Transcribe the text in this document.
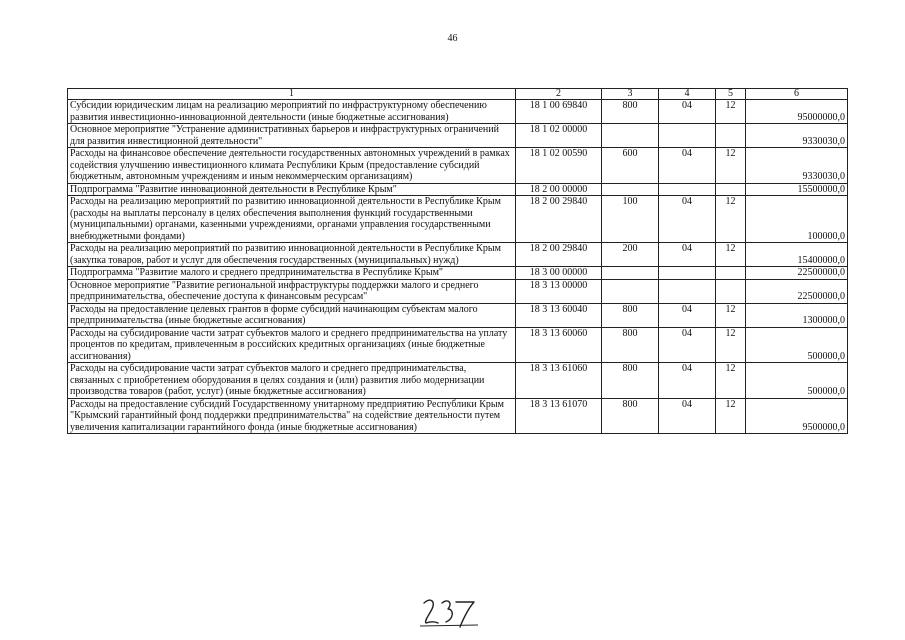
46
1	2	3	4	5	6
Субсидии юридическим лицам на реализацию мероприятий по инфраструктурному обеспечению развития инвестиционно-инновационной деятельности (иные бюджетные ассигнования)	18 1 00 69840	800	04	12	95000000,0
Основное мероприятие "Устранение административных барьеров и инфраструктурных ограничений для развития инвестиционной деятельности"	18 1 02 00000				9330030,0
Расходы на финансовое обеспечение деятельности государственных автономных учреждений в рамках содействия улучшению инвестиционного климата Республики Крым (предоставление субсидий бюджетным, автономным учреждениям и иным некоммерческим организациям)	18 1 02 00590	600	04	12	9330030,0
Подпрограмма "Развитие инновационной деятельности в Республике Крым"	18 2 00 00000				15500000,0
Расходы на реализацию мероприятий по развитию инновационной деятельности в Республике Крым (расходы на выплаты персоналу в целях обеспечения выполнения функций государственными (муниципальными) органами, казенными учреждениями, органами управления государственными внебюджетными фондами)	18 2 00 29840	100	04	12	100000,0
Расходы на реализацию мероприятий по развитию инновационной деятельности в Республике Крым (закупка товаров, работ и услуг для обеспечения государственных (муниципальных) нужд)	18 2 00 29840	200	04	12	15400000,0
Подпрограмма "Развитие малого и среднего предпринимательства в Республике Крым"	18 3 00 00000				22500000,0
Основное мероприятие "Развитие региональной инфраструктуры поддержки малого и среднего предпринимательства, обеспечение доступа к финансовым ресурсам"	18 3 13 00000				22500000,0
Расходы на предоставление целевых грантов в форме субсидий начинающим субъектам малого предпринимательства (иные бюджетные ассигнования)	18 3 13 60040	800	04	12	1300000,0
Расходы на субсидирование части затрат субъектов малого и среднего предпринимательства на уплату процентов по кредитам, привлеченным в российских кредитных организациях (иные бюджетные ассигнования)	18 3 13 60060	800	04	12	500000,0
Расходы на субсидирование части затрат субъектов малого и среднего предпринимательства, связанных с приобретением оборудования в целях создания и (или) развития либо модернизации производства товаров (работ, услуг) (иные бюджетные ассигнования)	18 3 13 61060	800	04	12	500000,0
Расходы на предоставление субсидий Государственному унитарному предприятию Республики Крым "Крымский гарантийный фонд поддержки предпринимательства" на содействие деятельности путем увеличения капитализации гарантийного фонда (иные бюджетные ассигнования)	18 3 13 61070	800	04	12	9500000,0
